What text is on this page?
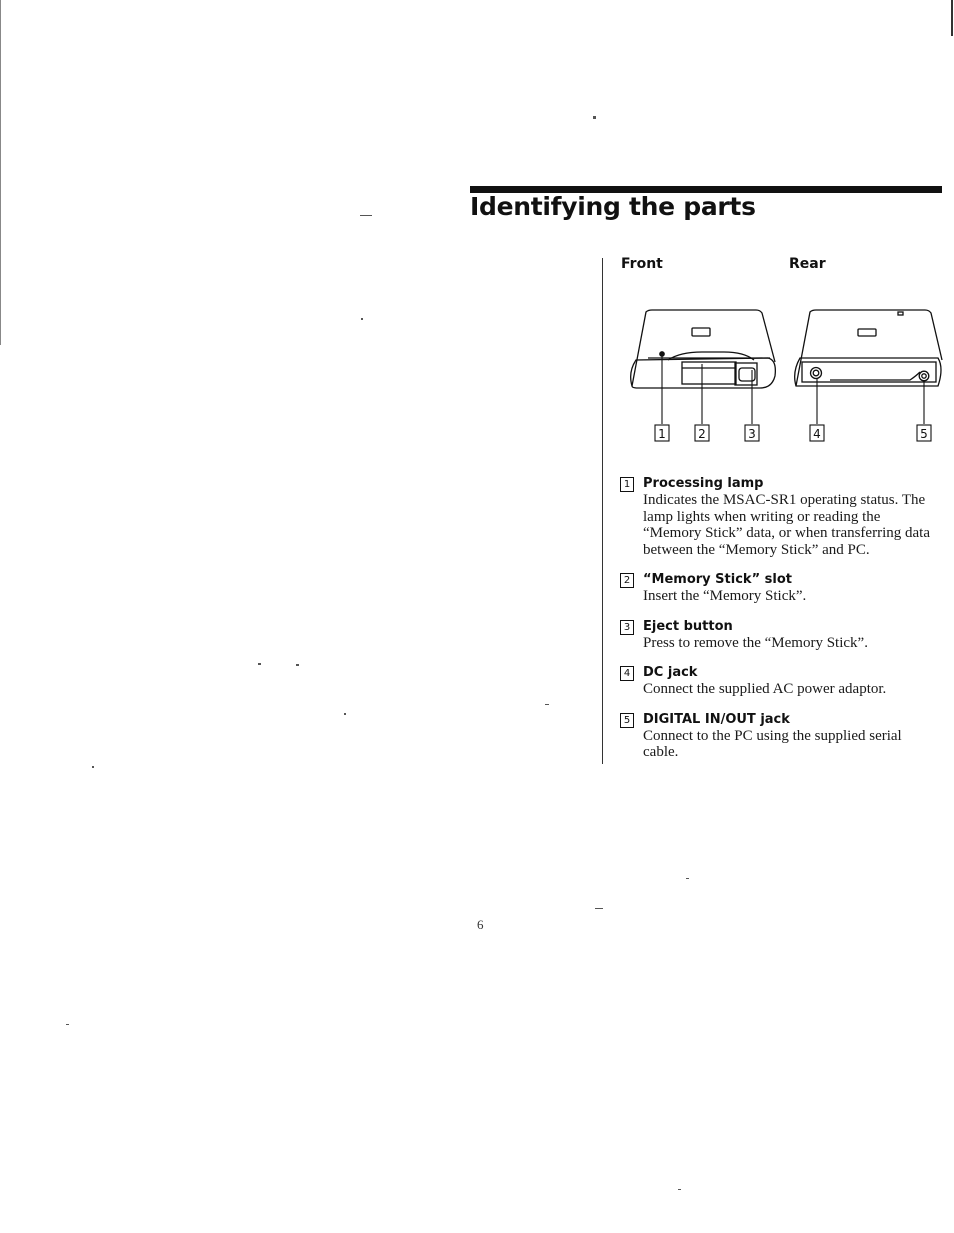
Identifying the parts
Front	Rear
1	2	3	4	5
1 Processing lamp
Indicates the MSAC-SR1 operating status. The
lamp lights when writing or reading the
“Memory Stick” data, or when transferring data
between the “Memory Stick” and PC.
2 “Memory Stick” slot
Insert the “Memory Stick”.
3 Eject button
Press to remove the “Memory Stick”.
4 DC jack
Connect the supplied AC power adaptor.
5 DIGITAL IN/OUT jack
Connect to the PC using the supplied serial
cable.
6
